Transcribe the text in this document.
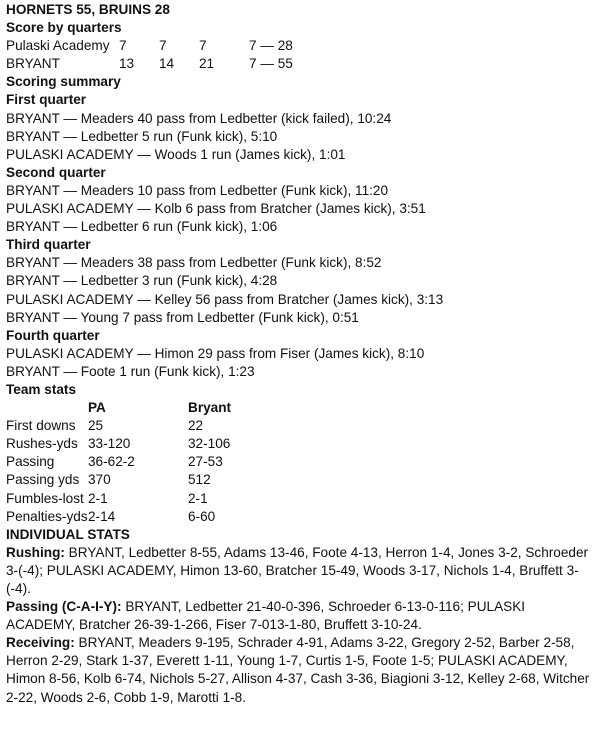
HORNETS 55, BRUINS 28
Score by quarters
Pulaski Academy 7	7	7	7 — 28
BRYANT	13	14	21	7 — 55
Scoring summary
First quarter
BRYANT — Meaders 40 pass from Ledbetter (kick failed), 10:24
BRYANT — Ledbetter 5 run (Funk kick), 5:10
PULASKI ACADEMY — Woods 1 run (James kick), 1:01
Second quarter
BRYANT — Meaders 10 pass from Ledbetter (Funk kick), 11:20
PULASKI ACADEMY — Kolb 6 pass from Bratcher (James kick), 3:51
BRYANT — Ledbetter 6 run (Funk kick), 1:06
Third quarter
BRYANT — Meaders 38 pass from Ledbetter (Funk kick), 8:52
BRYANT — Ledbetter 3 run (Funk kick), 4:28
PULASKI ACADEMY — Kelley 56 pass from Bratcher (James kick), 3:13
BRYANT — Young 7 pass from Ledbetter (Funk kick), 0:51
Fourth quarter
PULASKI ACADEMY — Himon 29 pass from Fiser (James kick), 8:10
BRYANT — Foote 1 run (Funk kick), 1:23
Team stats
PA	Bryant
First downs 25	22
Rushes-yds 33-120	32-106
Passing	36-62-2	27-53
Passing yds 370	512
Fumbles-lost 2-1	2-1
Penalties-yds 2-14	6-60
INDIVIDUAL STATS
Rushing: BRYANT, Ledbetter 8-55, Adams 13-46, Foote 4-13, Herron 1-4, Jones 3-2, Schroeder 3-(-4); PULASKI ACADEMY, Himon 13-60, Bratcher 15-49, Woods 3-17, Nichols 1-4, Bruffett 3-(-4).
Passing (C-A-I-Y): BRYANT, Ledbetter 21-40-0-396, Schroeder 6-13-0-116; PULASKI ACADEMY, Bratcher 26-39-1-266, Fiser 7-013-1-80, Bruffett 3-10-24.
Receiving: BRYANT, Meaders 9-195, Schrader 4-91, Adams 3-22, Gregory 2-52, Barber 2-58, Herron 2-29, Stark 1-37, Everett 1-11, Young 1-7, Curtis 1-5, Foote 1-5; PULASKI ACADEMY, Himon 8-56, Kolb 6-74, Nichols 5-27, Allison 4-37, Cash 3-36, Biagioni 3-12, Kelley 2-68, Witcher 2-22, Woods 2-6, Cobb 1-9, Marotti 1-8.
